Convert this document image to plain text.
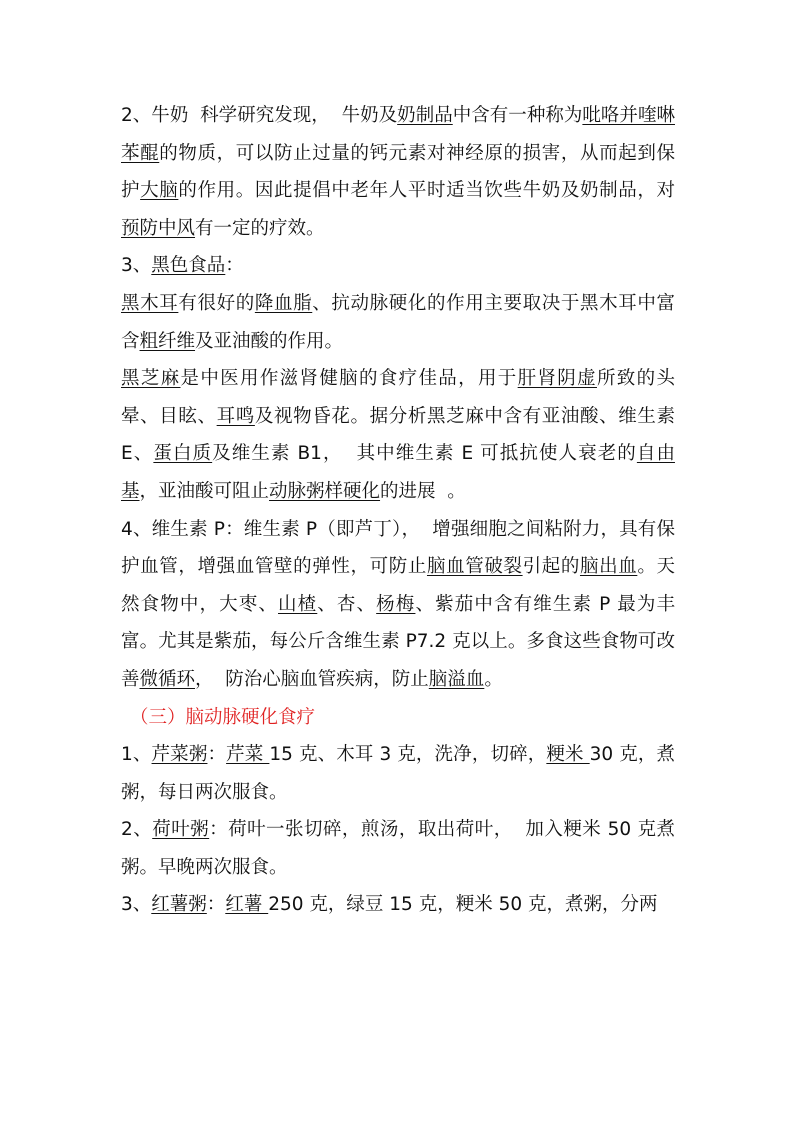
2、牛奶  科学研究发现，  牛奶及奶制品中含有一种称为吡咯并喹啉苯醌的物质，可以防止过量的钙元素对神经原的损害，从而起到保护大脑的作用。因此提倡中老年人平时适当饮些牛奶及奶制品，对预防中风有一定的疗效。

3、黑色食品：

黑木耳有很好的降血脂、抗动脉硬化的作用主要取决于黑木耳中富含粗纤维及亚油酸的作用。

黑芝麻是中医用作滋肾健脑的食疗佳品，用于肝肾阴虚所致的头晕、目眩、耳鸣及视物昏花。据分析黑芝麻中含有亚油酸、维生素 E、蛋白质及维生素 B1，  其中维生素 E 可抵抗使人衰老的自由基，亚油酸可阻止动脉粥样硬化的进展  。

4、维生素 P：维生素 P（即芦丁），  增强细胞之间粘附力，具有保护血管，增强血管壁的弹性，可防止脑血管破裂引起的脑出血。天然食物中，大枣、山楂、杏、杨梅、紫茄中含有维生素 P 最为丰富。尤其是紫茄，每公斤含维生素 P7.2 克以上。多食这些食物可改善微循环，  防治心脑血管疾病，防止脑溢血。

（三）脑动脉硬化食疗

1、芹菜粥：芹菜 15 克、木耳 3 克，洗净，切碎，粳米 30 克，煮粥，每日两次服食。

2、荷叶粥：荷叶一张切碎，煎汤，取出荷叶，  加入粳米 50 克煮粥。早晚两次服食。

3、红薯粥：红薯 250 克，绿豆 15 克，粳米 50 克，煮粥，分两
